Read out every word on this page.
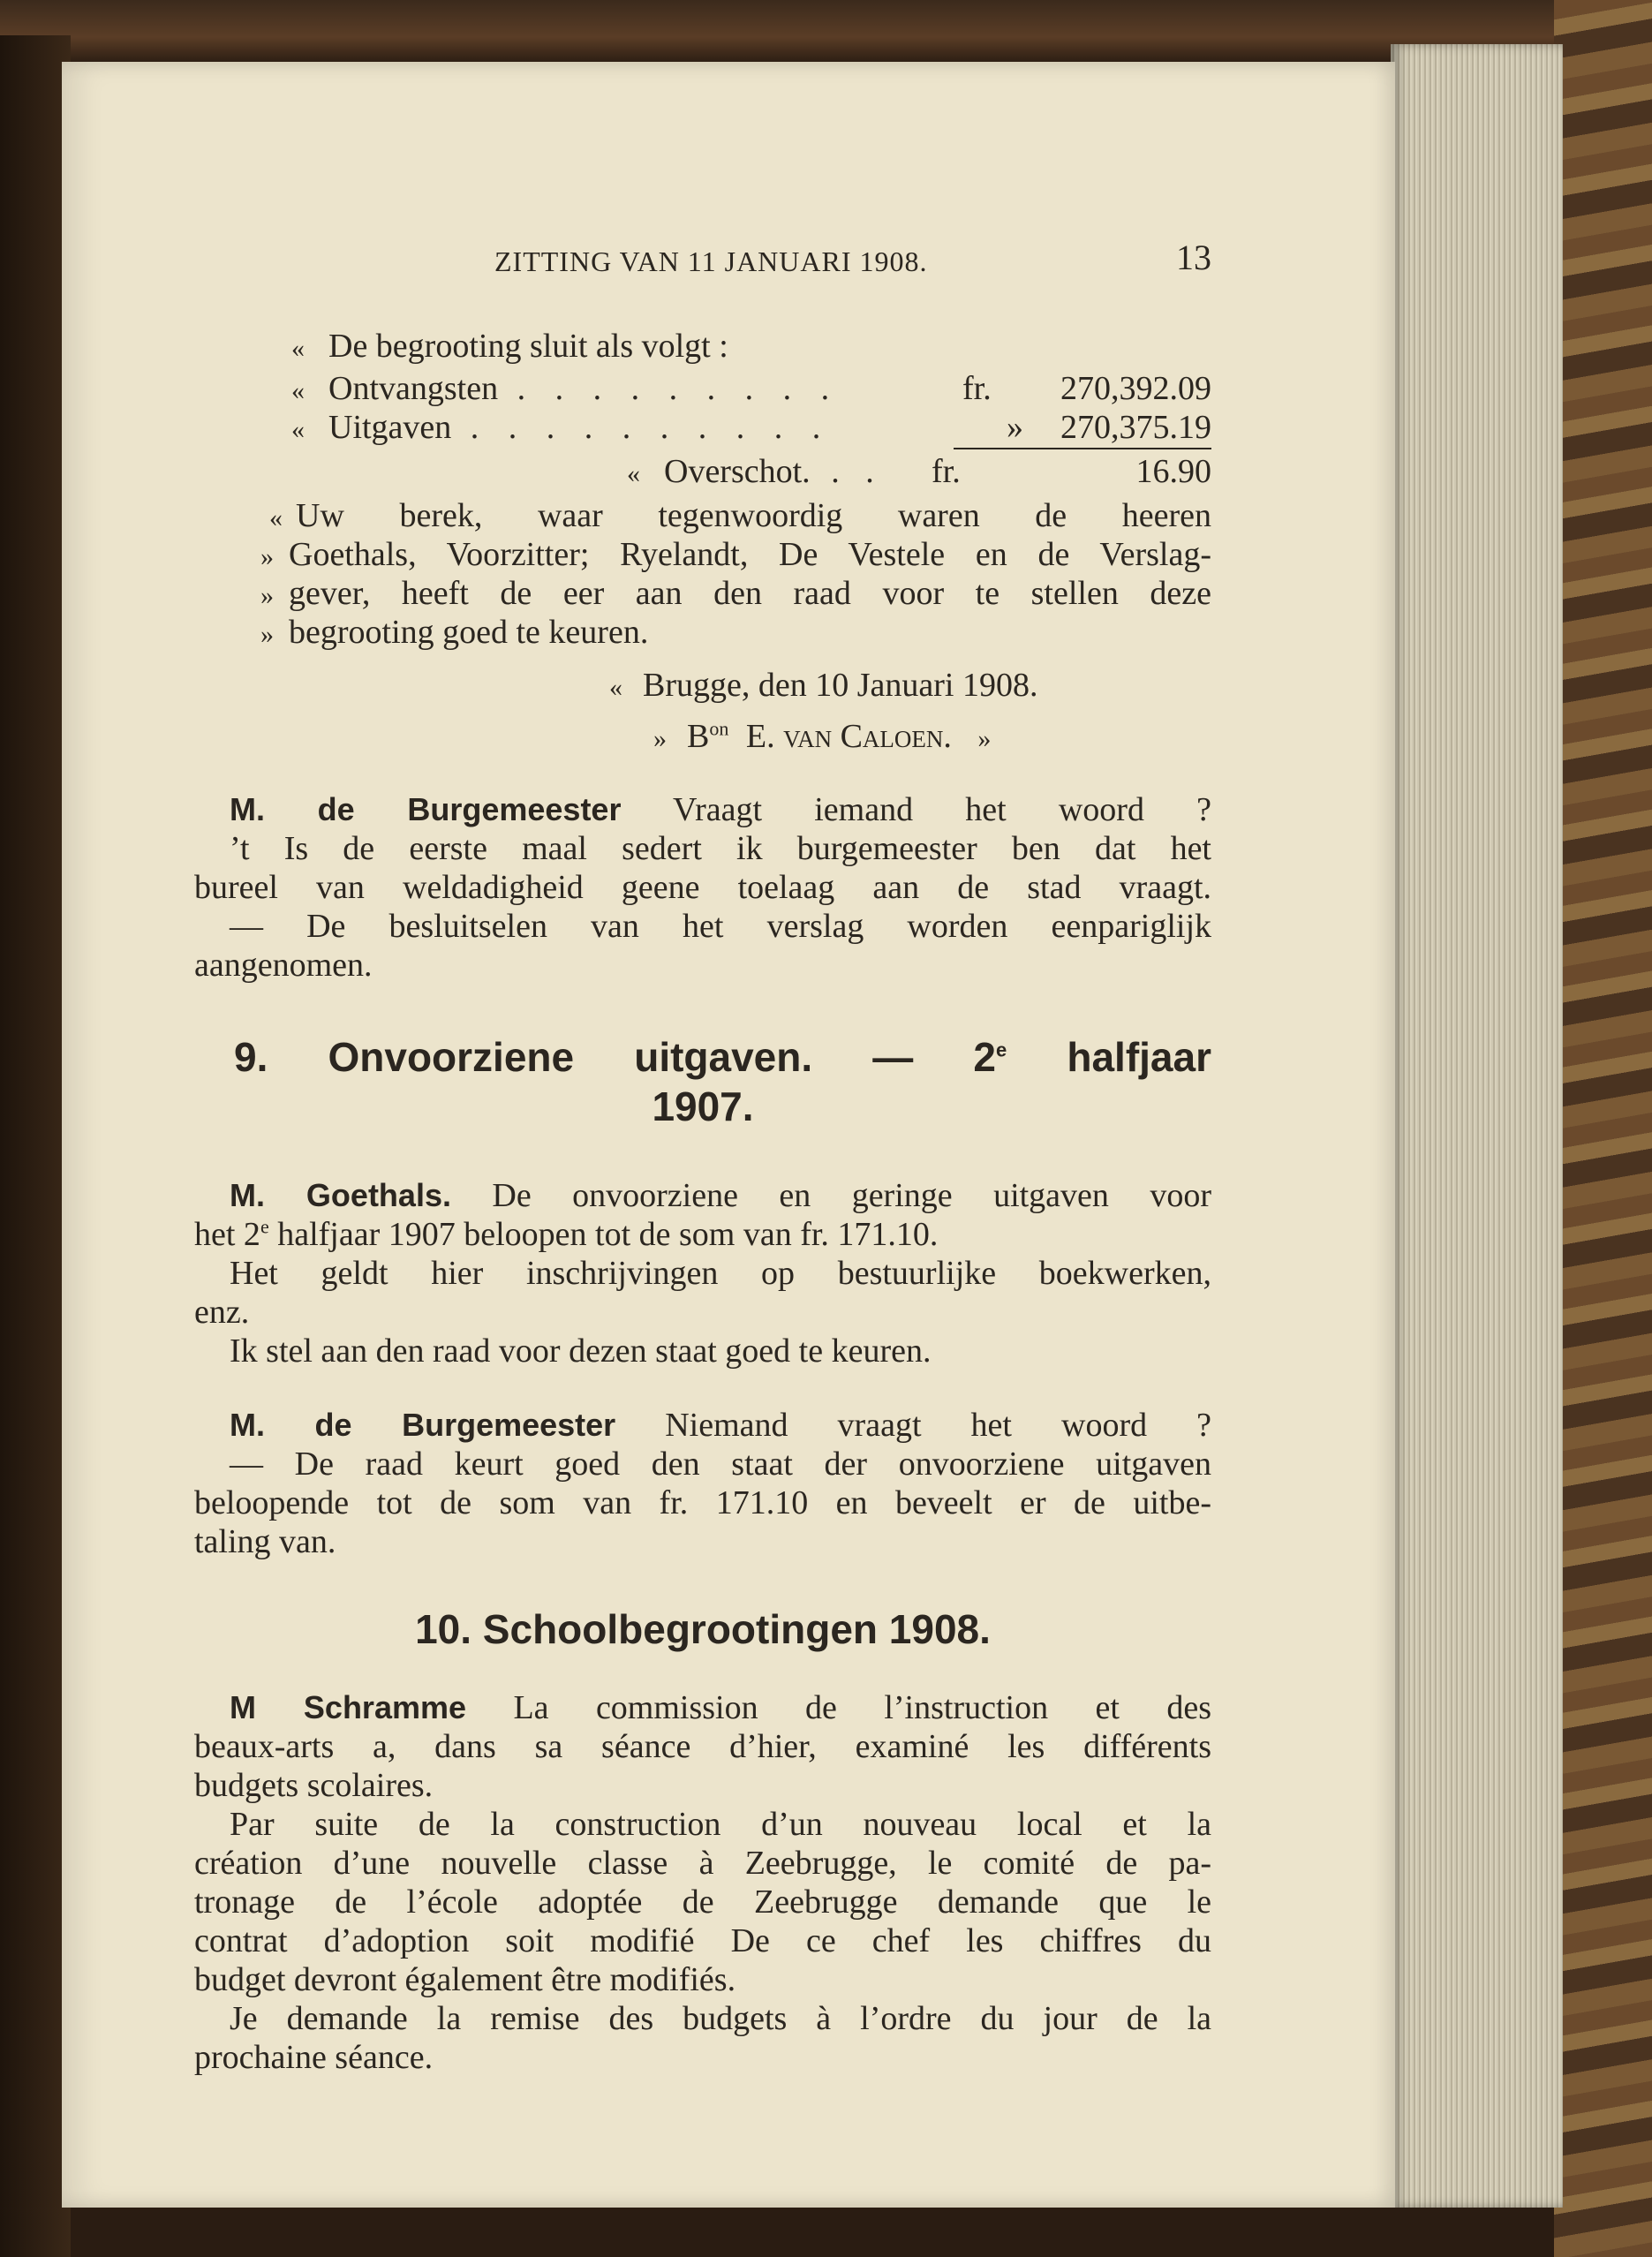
ZITTING VAN 11 JANUARI 1908.	13
« De begrooting sluit als volgt :
« Ontvangsten . . . . . . . . .	fr. 270,392.09
« Uitgaven . . . . . . . . . .	» 270,375.19
« Overschot. . . fr.	16.90
« Uw berek, waar tegenwoordig waren de heeren
» Goethals, Voorzitter; Ryelandt, De Vestele en de Verslag-
» gever, heeft de eer aan den raad voor te stellen deze
» begrooting goed te keuren.
« Brugge, den 10 Januari 1908.
» $B^{on}$ E. van Caloen. »
M. de Burgemeester Vraagt iemand het woord ?
’t Is de eerste maal sedert ik burgemeester ben dat het
bureel van weldadigheid geene toelaag aan de stad vraagt.
— De besluitselen van het verslag worden eenpariglijk
aangenomen.
9. Onvoorziene uitgaven. — 2e halfjaar
1907.
M. Goethals. De onvoorziene en geringe uitgaven voor
het 2e halfjaar 1907 beloopen tot de som van fr. 171.10.
Het geldt hier inschrijvingen op bestuurlijke boekwerken,
enz.
Ik stel aan den raad voor dezen staat goed te keuren.
M. de Burgemeester Niemand vraagt het woord ?
— De raad keurt goed den staat der onvoorziene uitgaven
beloopende tot de som van fr. 171.10 en beveelt er de uitbe-
taling van.
10. Schoolbegrootingen 1908.
M Schramme La commission de l’instruction et des
beaux-arts a, dans sa séance d’hier, examiné les différents
budgets scolaires.
Par suite de la construction d’un nouveau local et la
création d’une nouvelle classe à Zeebrugge, le comité de pa-
tronage de l’école adoptée de Zeebrugge demande que le
contrat d’adoption soit modifié De ce chef les chiffres du
budget devront également être modifiés.
Je demande la remise des budgets à l’ordre du jour de la
prochaine séance.
